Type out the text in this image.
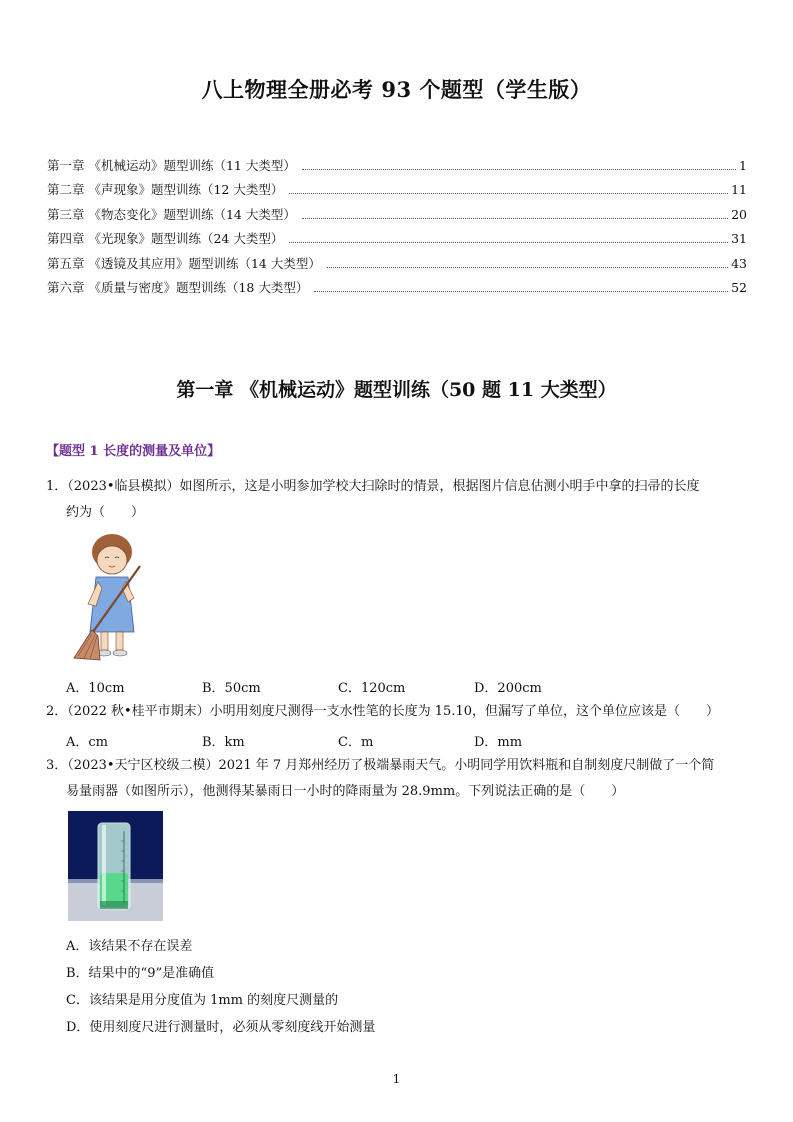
八上物理全册必考 93 个题型（学生版）
第一章 《机械运动》题型训练（11 大类型）	1
第二章 《声现象》题型训练（12 大类型）	11
第三章 《物态变化》题型训练（14 大类型）	20
第四章 《光现象》题型训练（24 大类型）	31
第五章 《透镜及其应用》题型训练（14 大类型）	43
第六章 《质量与密度》题型训练（18 大类型）	52
第一章 《机械运动》题型训练（50 题 11 大类型）
【题型 1 长度的测量及单位】
1．（2023•临县模拟）如图所示，这是小明参加学校大扫除时的情景，根据图片信息估测小明手中拿的扫帚的长度
约为（　　）
A．10cm	B．50cm	C．120cm	D．200cm
2．（2022 秋•桂平市期末）小明用刻度尺测得一支水性笔的长度为 15.10，但漏写了单位，这个单位应该是（　　）
A．cm	B．km	C．m	D．mm
3．（2023•天宁区校级二模）2021 年 7 月郑州经历了极端暴雨天气。小明同学用饮料瓶和自制刻度尺制做了一个简
易量雨器（如图所示），他测得某暴雨日一小时的降雨量为 28.9mm。下列说法正确的是（　　）
A．该结果不存在误差
B．结果中的“9”是准确值
C．该结果是用分度值为 1mm 的刻度尺测量的
D．使用刻度尺进行测量时，必须从零刻度线开始测量
1
